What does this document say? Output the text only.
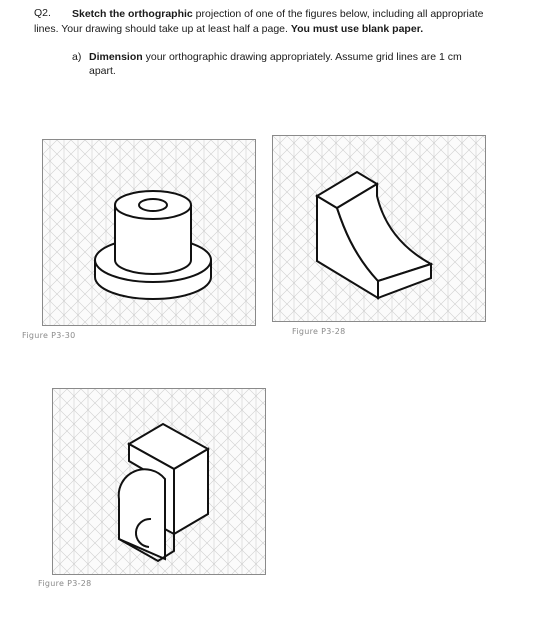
Q2. Sketch the orthographic projection of one of the figures below, including all appropriate
lines. Your drawing should take up at least half a page. You must use blank paper.
a) Dimension your orthographic drawing appropriately. Assume grid lines are 1 cm
apart.
Figure P3-30	Figure P3-28
Figure P3-28
